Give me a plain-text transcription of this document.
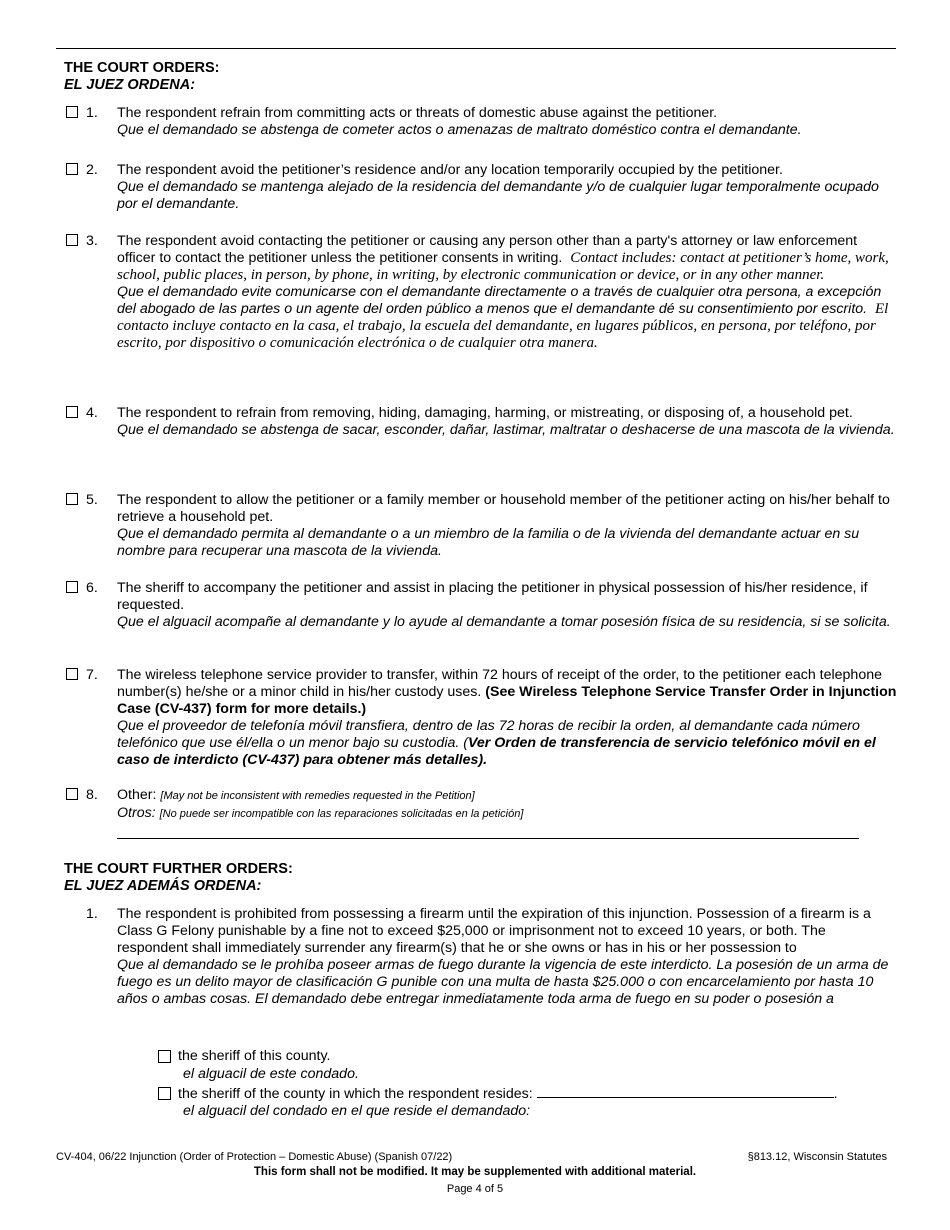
THE COURT ORDERS:
EL JUEZ ORDENA:
1. The respondent refrain from committing acts or threats of domestic abuse against the petitioner.
Que el demandado se abstenga de cometer actos o amenazas de maltrato doméstico contra el demandante.
2. The respondent avoid the petitioner’s residence and/or any location temporarily occupied by the petitioner.
Que el demandado se mantenga alejado de la residencia del demandante y/o de cualquier lugar temporalmente ocupado por el demandante.
3. The respondent avoid contacting the petitioner or causing any person other than a party's attorney or law enforcement officer to contact the petitioner unless the petitioner consents in writing. Contact includes: contact at petitioner’s home, work, school, public places, in person, by phone, in writing, by electronic communication or device, or in any other manner.
Que el demandado evite comunicarse con el demandante directamente o a través de cualquier otra persona, a excepción del abogado de las partes o un agente del orden público a menos que el demandante dé su consentimiento por escrito. El contacto incluye contacto en la casa, el trabajo, la escuela del demandante, en lugares públicos, en persona, por teléfono, por escrito, por dispositivo o comunicación electrónica o de cualquier otra manera.
4. The respondent to refrain from removing, hiding, damaging, harming, or mistreating, or disposing of, a household pet.
Que el demandado se abstenga de sacar, esconder, dañar, lastimar, maltratar o deshacerse de una mascota de la vivienda.
5. The respondent to allow the petitioner or a family member or household member of the petitioner acting on his/her behalf to retrieve a household pet.
Que el demandado permita al demandante o a un miembro de la familia o de la vivienda del demandante actuar en su nombre para recuperar una mascota de la vivienda.
6. The sheriff to accompany the petitioner and assist in placing the petitioner in physical possession of his/her residence, if requested.
Que el alguacil acompañe al demandante y lo ayude al demandante a tomar posesión física de su residencia, si se solicita.
7. The wireless telephone service provider to transfer, within 72 hours of receipt of the order, to the petitioner each telephone number(s) he/she or a minor child in his/her custody uses. (See Wireless Telephone Service Transfer Order in Injunction Case (CV-437) form for more details.)
Que el proveedor de telefonía móvil transfiera, dentro de las 72 horas de recibir la orden, al demandante cada número telefónico que use él/ella o un menor bajo su custodia. (Ver Orden de transferencia de servicio telefónico móvil en el caso de interdicto (CV-437) para obtener más detalles).
8. Other: [May not be inconsistent with remedies requested in the Petition]
Otros: [No puede ser incompatible con las reparaciones solicitadas en la petición]
THE COURT FURTHER ORDERS:
EL JUEZ ADEMÁS ORDENA:
1. The respondent is prohibited from possessing a firearm until the expiration of this injunction. Possession of a firearm is a Class G Felony punishable by a fine not to exceed $25,000 or imprisonment not to exceed 10 years, or both. The respondent shall immediately surrender any firearm(s) that he or she owns or has in his or her possession to
Que al demandado se le prohíba poseer armas de fuego durante la vigencia de este interdicto. La posesión de un arma de fuego es un delito mayor de clasificación G punible con una multa de hasta $25.000 o con encarcelamiento por hasta 10 años o ambas cosas. El demandado debe entregar inmediatamente toda arma de fuego en su poder o posesión a
the sheriff of this county.
el alguacil de este condado.
the sheriff of the county in which the respondent resides:	.
el alguacil del condado en el que reside el demandado:
CV-404, 06/22 Injunction (Order of Protection – Domestic Abuse) (Spanish 07/22)	§813.12, Wisconsin Statutes
This form shall not be modified. It may be supplemented with additional material.
Page 4 of 5
